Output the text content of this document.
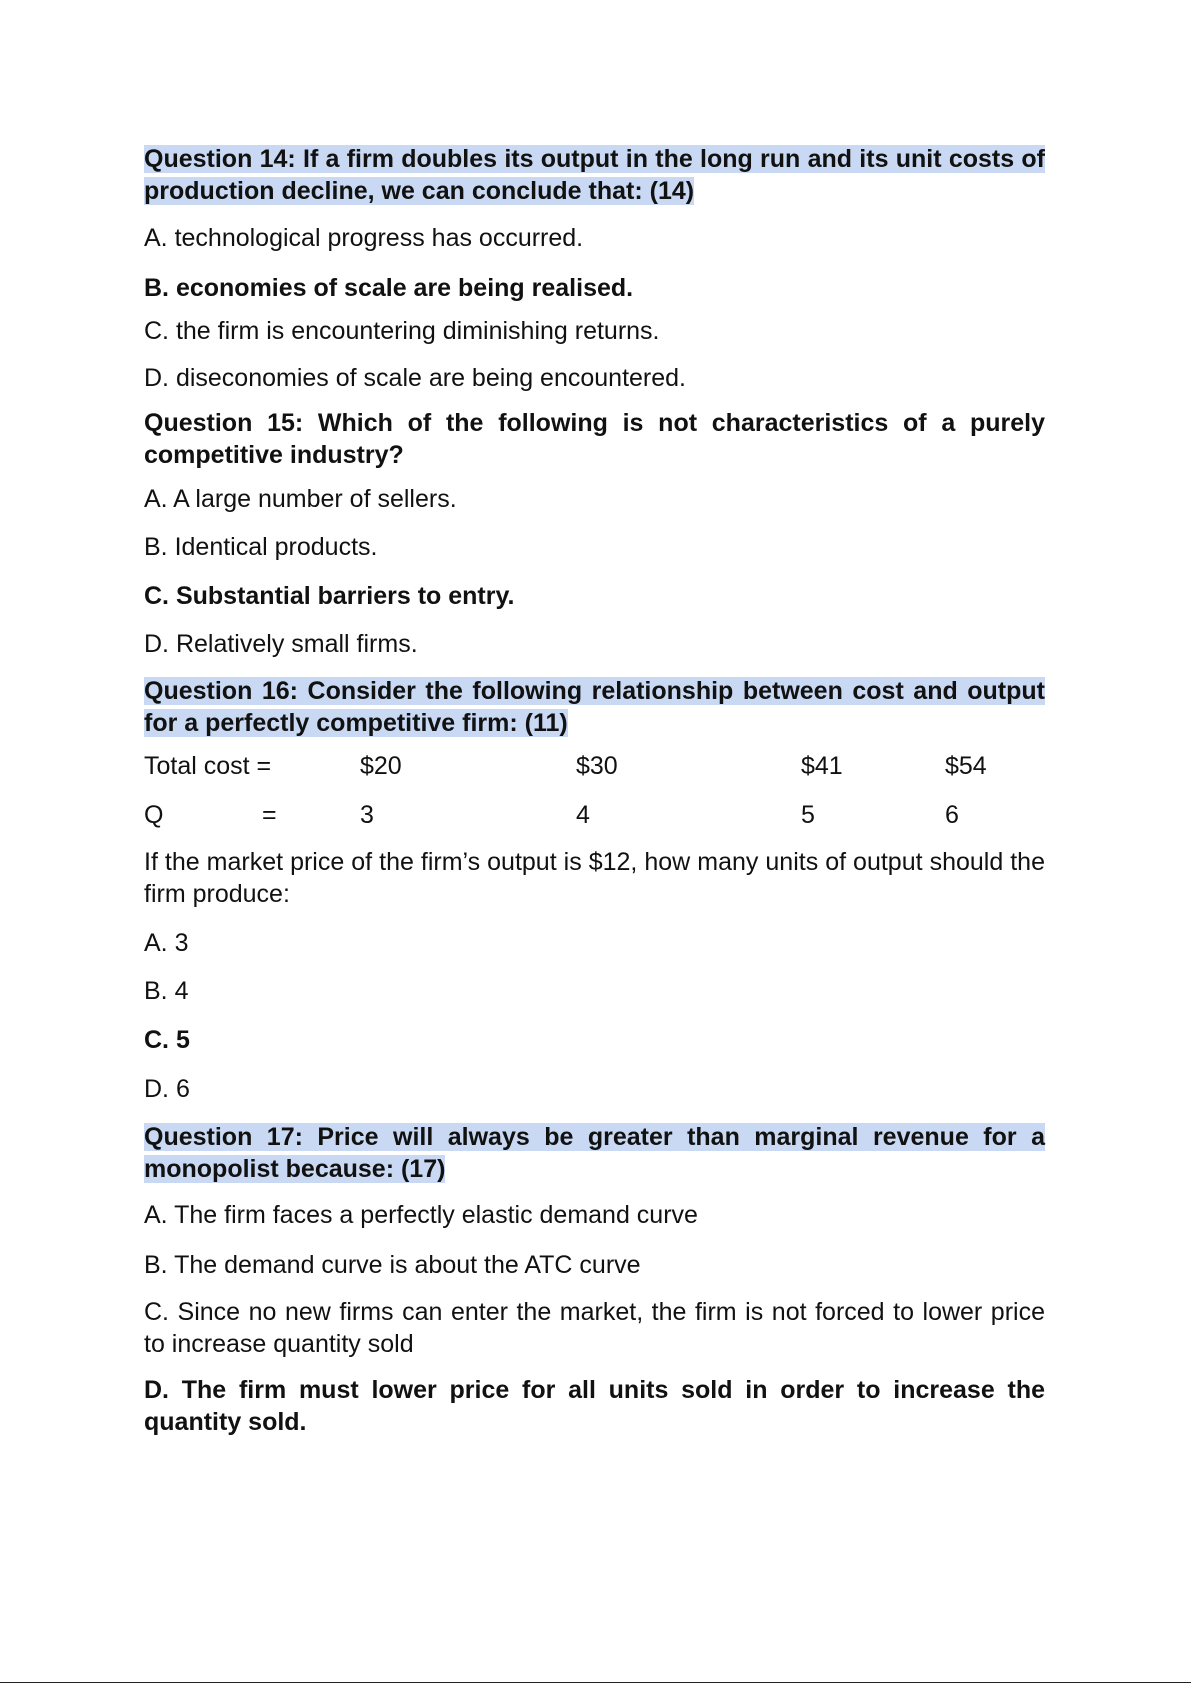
Question 14: If a firm doubles its output in the long run and its unit costs of production decline, we can conclude that: (14)

A. technological progress has occurred.

B. economies of scale are being realised.

C. the firm is encountering diminishing returns.

D. diseconomies of scale are being encountered.

Question 15: Which of the following is not characteristics of a purely competitive industry?

A. A large number of sellers.

B. Identical products.

C. Substantial barriers to entry.

D. Relatively small firms.

Question 16: Consider the following relationship between cost and output for a perfectly competitive firm: (11)

Total cost =	$20	$30	$41	$54
Q	=	3	4	5	6

If the market price of the firm’s output is $12, how many units of output should the firm produce:

A. 3

B. 4

C. 5

D. 6

Question 17: Price will always be greater than marginal revenue for a monopolist because: (17)

A. The firm faces a perfectly elastic demand curve

B. The demand curve is about the ATC curve

C. Since no new firms can enter the market, the firm is not forced to lower price to increase quantity sold

D. The firm must lower price for all units sold in order to increase the quantity sold.
